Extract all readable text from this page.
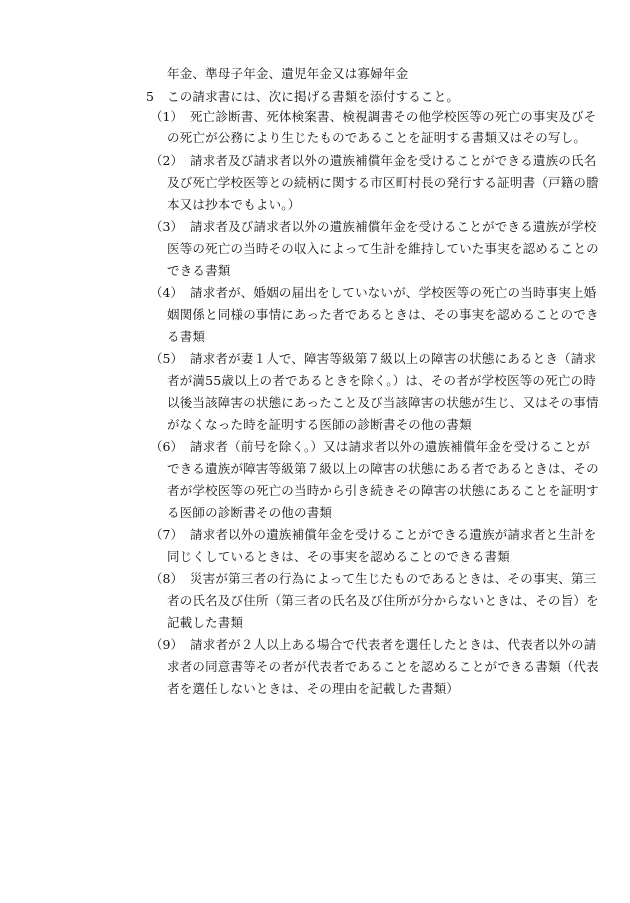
年金、準母子年金、遺児年金又は寡婦年金
5 この請求書には、次に掲げる書類を添付すること。
（1） 死亡診断書、死体検案書、検視調書その他学校医等の死亡の事実及びそ
の死亡が公務により生じたものであることを証明する書類又はその写し。
（2） 請求者及び請求者以外の遺族補償年金を受けることができる遺族の氏名
及び死亡学校医等との続柄に関する市区町村長の発行する証明書（戸籍の謄
本又は抄本でもよい。）
（3） 請求者及び請求者以外の遺族補償年金を受けることができる遺族が学校
医等の死亡の当時その収入によって生計を維持していた事実を認めることの
できる書類
（4） 請求者が、婚姻の届出をしていないが、学校医等の死亡の当時事実上婚
姻関係と同様の事情にあった者であるときは、その事実を認めることのでき
る書類
（5） 請求者が妻１人で、障害等級第７級以上の障害の状態にあるとき（請求
者が満55歳以上の者であるときを除く。）は、その者が学校医等の死亡の時
以後当該障害の状態にあったこと及び当該障害の状態が生じ、又はその事情
がなくなった時を証明する医師の診断書その他の書類
（6） 請求者（前号を除く。）又は請求者以外の遺族補償年金を受けることが
できる遺族が障害等級第７級以上の障害の状態にある者であるときは、その
者が学校医等の死亡の当時から引き続きその障害の状態にあることを証明す
る医師の診断書その他の書類
（7） 請求者以外の遺族補償年金を受けることができる遺族が請求者と生計を
同じくしているときは、その事実を認めることのできる書類
（8） 災害が第三者の行為によって生じたものであるときは、その事実、第三
者の氏名及び住所（第三者の氏名及び住所が分からないときは、その旨）を
記載した書類
（9） 請求者が２人以上ある場合で代表者を選任したときは、代表者以外の請
求者の同意書等その者が代表者であることを認めることができる書類（代表
者を選任しないときは、その理由を記載した書類）
